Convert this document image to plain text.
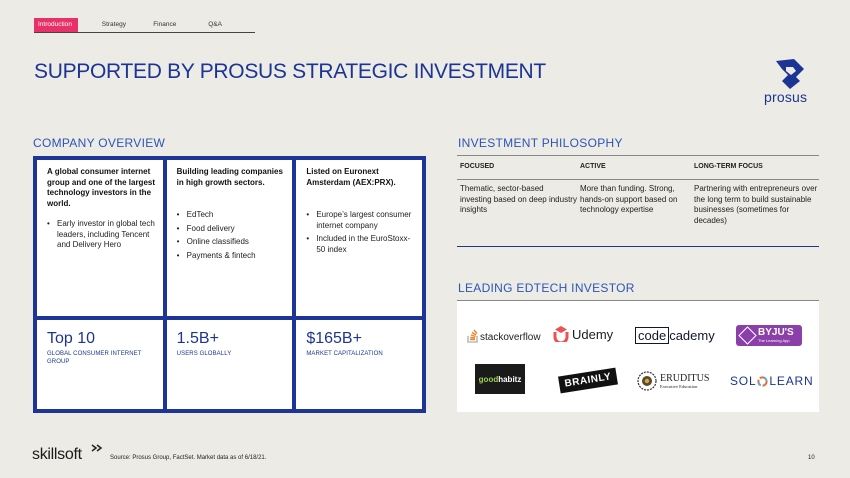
Introduction	Strategy	Finance	Q&A
SUPPORTED BY PROSUS STRATEGIC INVESTMENT
prosus
COMPANY OVERVIEW
A global consumer internet group and one of the largest technology investors in the world.
• Early investor in global tech leaders, including Tencent and Delivery Hero
Building leading companies in high growth sectors.
• EdTech
• Food delivery
• Online classifieds
• Payments & fintech
Listed on Euronext Amsterdam (AEX:PRX).
• Europe’s largest consumer internet company
• Included in the EuroStoxx-50 index
Top 10
GLOBAL CONSUMER INTERNET GROUP
1.5B+
USERS GLOBALLY
$165B+
MARKET CAPITALIZATION
INVESTMENT PHILOSOPHY
FOCUSED	ACTIVE	LONG-TERM FOCUS
Thematic, sector-based investing based on deep industry insights
More than funding. Strong, hands-on support based on technology expertise
Partnering with entrepreneurs over the long term to build sustainable businesses (sometimes for decades)
LEADING EDTECH INVESTOR
stackoverflow Udemy code cademy	BYJU'S
The Learning App
good habitz	BRAINLY	ERUDITUS
Executive Education	SOL LEARN
skillsoft	Source: Prosus Group, FactSet. Market data as of 6/18/21.	10
